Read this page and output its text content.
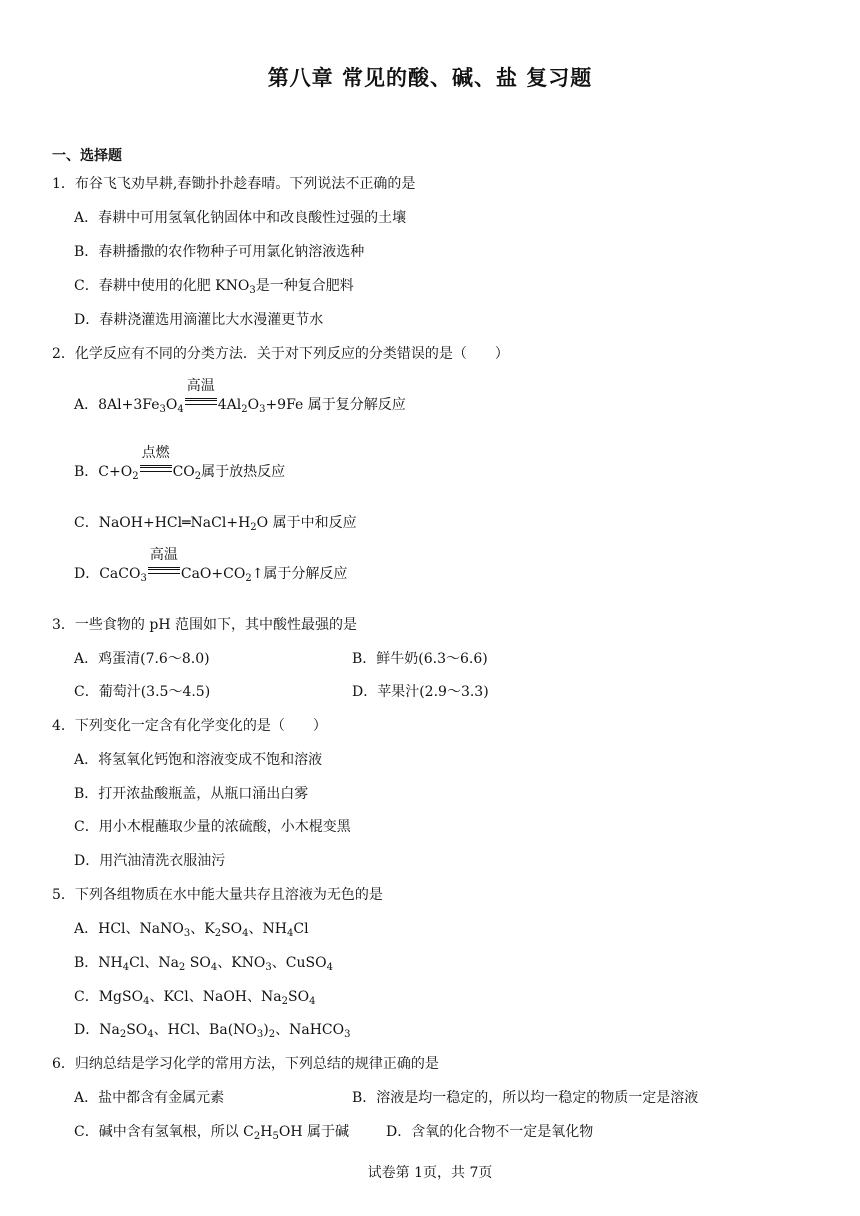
第八章 常见的酸、碱、盐 复习题
一、选择题
1．布谷飞飞劝早耕,春锄扑扑趁春晴。下列说法不正确的是
A．春耕中可用氢氧化钠固体中和改良酸性过强的土壤
B．春耕播撒的农作物种子可用氯化钠溶液选种
C．春耕中使用的化肥 $KNO_3$是一种复合肥料
D．春耕浇灌选用滴灌比大水漫灌更节水
2．化学反应有不同的分类方法．关于对下列反应的分类错误的是（　　）
A．$8Al+3Fe_3O_4$
高温
$4Al_2O_3+9Fe$ 属于复分解反应
B．$C+O_2$
点燃
$CO_2$属于放热反应
C．$NaOH+HCl═NaCl+H_2O$ 属于中和反应
D．CaCO$_3$
高温
$CaO+CO_2↑$属于分解反应
3．一些食物的 pH 范围如下，其中酸性最强的是
A．鸡蛋清(7.6～8.0)	B．鲜牛奶(6.3～6.6)
C．葡萄汁(3.5～4.5)	D．苹果汁(2.9～3.3)
4．下列变化一定含有化学变化的是（　　）
A．将氢氧化钙饱和溶液变成不饱和溶液
B．打开浓盐酸瓶盖，从瓶口涌出白雾
C．用小木棍蘸取少量的浓硫酸，小木棍变黑
D．用汽油清洗衣服油污
5．下列各组物质在水中能大量共存且溶液为无色的是
A．HCl、NaNO$_3$、$K_2SO_4$、$NH_4Cl$
B．$NH_4Cl$、$Na_2$ $SO_4$、$KNO_3$、CuSO$_4$
C．MgSO$_4$、KCl、NaOH、$Na_2SO_4$
D．$Na_2SO_4$、HCl、$Ba(NO_3)_2$、NaHCO$_3$
6．归纳总结是学习化学的常用方法，下列总结的规律正确的是
A．盐中都含有金属元素	B．溶液是均一稳定的，所以均一稳定的物质一定是溶液
C．碱中含有氢氧根，所以 $C_2H_5OH$ 属于碱	D．含氧的化合物不一定是氧化物
试卷第 1页，共 7页
